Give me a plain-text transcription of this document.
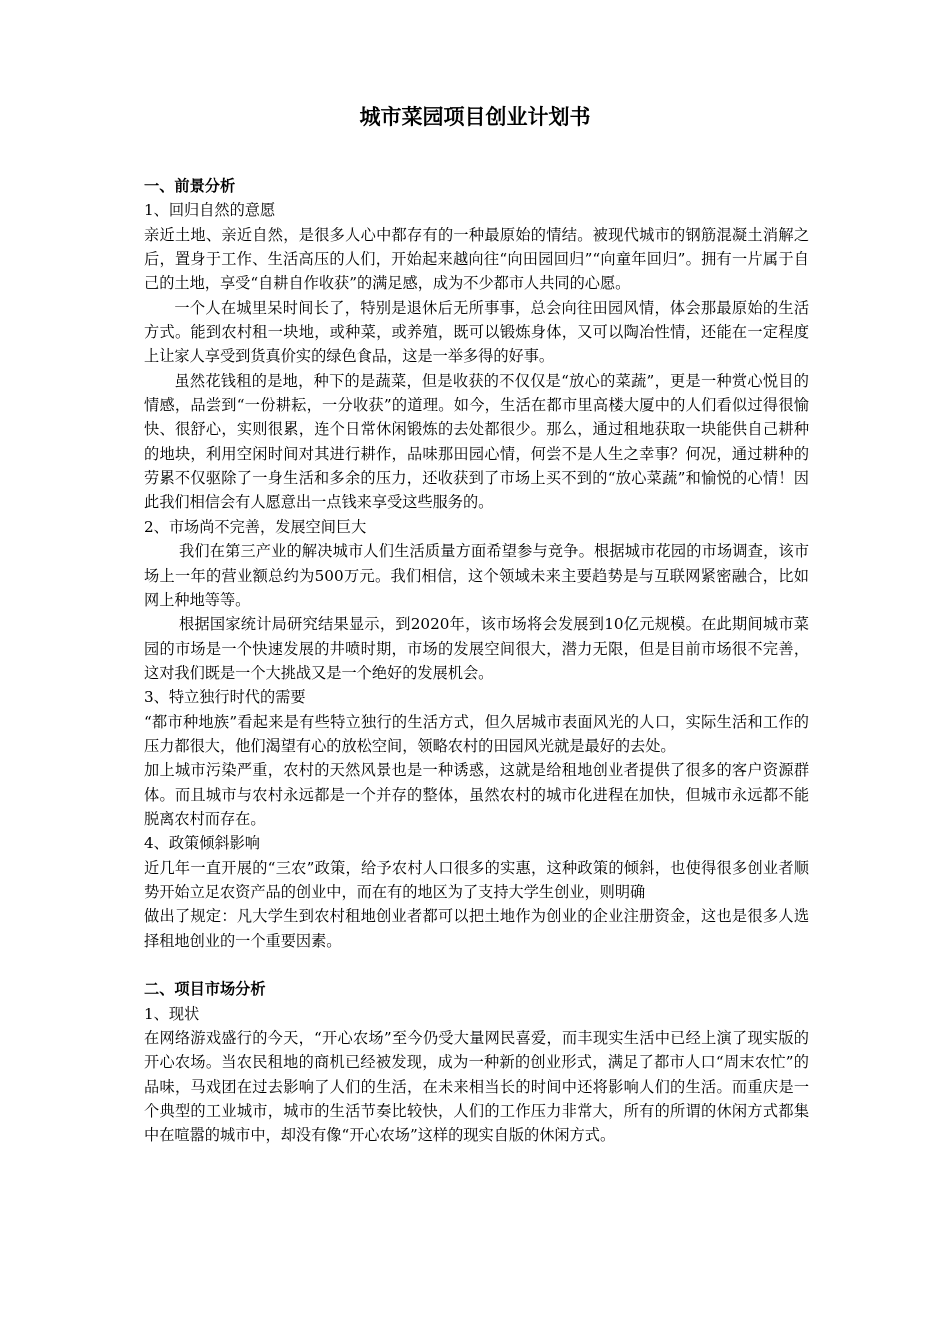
城市菜园项目创业计划书

一、前景分析

1、回归自然的意愿

亲近土地、亲近自然，是很多人心中都存有的一种最原始的情结。被现代城市的钢筋混凝土消解之后，置身于工作、生活高压的人们，开始起来越向往“向田园回归”“向童年回归”。拥有一片属于自己的土地，享受“自耕自作收获”的满足感，成为不少都市人共同的心愿。

一个人在城里呆时间长了，特别是退休后无所事事，总会向往田园风情，体会那最原始的生活方式。能到农村租一块地，或种菜，或养殖，既可以锻炼身体，又可以陶冶性情，还能在一定程度上让家人享受到货真价实的绿色食品，这是一举多得的好事。

虽然花钱租的是地，种下的是蔬菜，但是收获的不仅仅是“放心的菜蔬”，更是一种赏心悦目的情感，品尝到“一份耕耘，一分收获”的道理。如今，生活在都市里高楼大厦中的人们看似过得很愉快、很舒心，实则很累，连个日常休闲锻炼的去处都很少。那么，通过租地获取一块能供自己耕种的地块，利用空闲时间对其进行耕作，品味那田园心情，何尝不是人生之幸事？何况，通过耕种的劳累不仅驱除了一身生活和多余的压力，还收获到了市场上买不到的“放心菜蔬”和愉悦的心情！因此我们相信会有人愿意出一点钱来享受这些服务的。

2、市场尚不完善，发展空间巨大

我们在第三产业的解决城市人们生活质量方面希望参与竞争。根据城市花园的市场调查，该市场上一年的营业额总约为500万元。我们相信，这个领域未来主要趋势是与互联网紧密融合，比如网上种地等等。

根据国家统计局研究结果显示，到2020年，该市场将会发展到10亿元规模。在此期间城市菜园的市场是一个快速发展的井喷时期，市场的发展空间很大，潜力无限，但是目前市场很不完善，这对我们既是一个大挑战又是一个绝好的发展机会。

3、特立独行时代的需要

“都市种地族”看起来是有些特立独行的生活方式，但久居城市表面风光的人口，实际生活和工作的压力都很大，他们渴望有心的放松空间，领略农村的田园风光就是最好的去处。

加上城市污染严重，农村的天然风景也是一种诱惑，这就是给租地创业者提供了很多的客户资源群体。而且城市与农村永远都是一个并存的整体，虽然农村的城市化进程在加快，但城市永远都不能脱离农村而存在。

4、政策倾斜影响

近几年一直开展的“三农”政策，给予农村人口很多的实惠，这种政策的倾斜，也使得很多创业者顺势开始立足农资产品的创业中，而在有的地区为了支持大学生创业，则明确

做出了规定：凡大学生到农村租地创业者都可以把土地作为创业的企业注册资金，这也是很多人选择租地创业的一个重要因素。

二、项目市场分析

1、现状

在网络游戏盛行的今天，“开心农场”至今仍受大量网民喜爱，而丰现实生活中已经上演了现实版的开心农场。当农民租地的商机已经被发现，成为一种新的创业形式，满足了都市人口“周末农忙”的品味，马戏团在过去影响了人们的生活，在未来相当长的时间中还将影响人们的生活。而重庆是一个典型的工业城市，城市的生活节奏比较快，人们的工作压力非常大，所有的所谓的休闲方式都集中在喧嚣的城市中，却没有像“开心农场”这样的现实自版的休闲方式。
